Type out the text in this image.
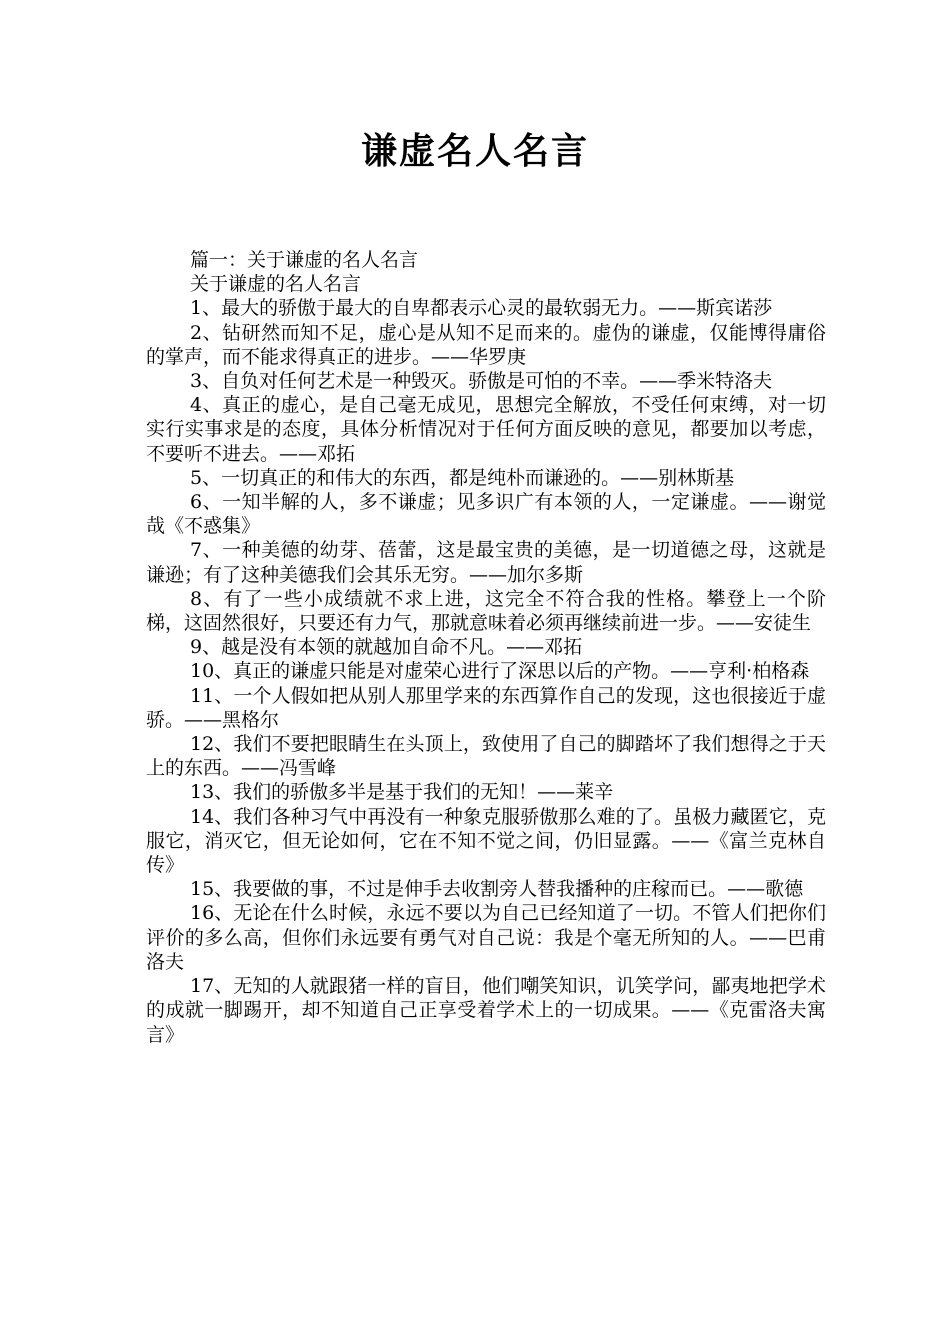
谦虚名人名言

篇一：关于谦虚的名人名言

关于谦虚的名人名言

1、最大的骄傲于最大的自卑都表示心灵的最软弱无力。——斯宾诺莎

2、钻研然而知不足，虚心是从知不足而来的。虚伪的谦虚，仅能博得庸俗的掌声，而不能求得真正的进步。——华罗庚

3、自负对任何艺术是一种毁灭。骄傲是可怕的不幸。——季米特洛夫

4、真正的虚心，是自己毫无成见，思想完全解放，不受任何束缚，对一切实行实事求是的态度，具体分析情况对于任何方面反映的意见，都要加以考虑，不要听不进去。——邓拓

5、一切真正的和伟大的东西，都是纯朴而谦逊的。——别林斯基

6、一知半解的人，多不谦虚；见多识广有本领的人，一定谦虚。——谢觉哉《不惑集》

7、一种美德的幼芽、蓓蕾，这是最宝贵的美德，是一切道德之母，这就是谦逊；有了这种美德我们会其乐无穷。——加尔多斯

8、有了一些小成绩就不求上进，这完全不符合我的性格。攀登上一个阶梯，这固然很好，只要还有力气，那就意味着必须再继续前进一步。——安徒生

9、越是没有本领的就越加自命不凡。——邓拓

10、真正的谦虚只能是对虚荣心进行了深思以后的产物。——亨利·柏格森

11、一个人假如把从别人那里学来的东西算作自己的发现，这也很接近于虚骄。——黑格尔

12、我们不要把眼睛生在头顶上，致使用了自己的脚踏坏了我们想得之于天上的东西。——冯雪峰

13、我们的骄傲多半是基于我们的无知！——莱辛

14、我们各种习气中再没有一种象克服骄傲那么难的了。虽极力藏匿它，克服它，消灭它，但无论如何，它在不知不觉之间，仍旧显露。——《富兰克林自传》

15、我要做的事，不过是伸手去收割旁人替我播种的庄稼而已。——歌德

16、无论在什么时候，永远不要以为自己已经知道了一切。不管人们把你们评价的多么高，但你们永远要有勇气对自己说：我是个毫无所知的人。——巴甫洛夫

17、无知的人就跟猪一样的盲目，他们嘲笑知识，讥笑学问，鄙夷地把学术的成就一脚踢开，却不知道自己正享受着学术上的一切成果。——《克雷洛夫寓言》
